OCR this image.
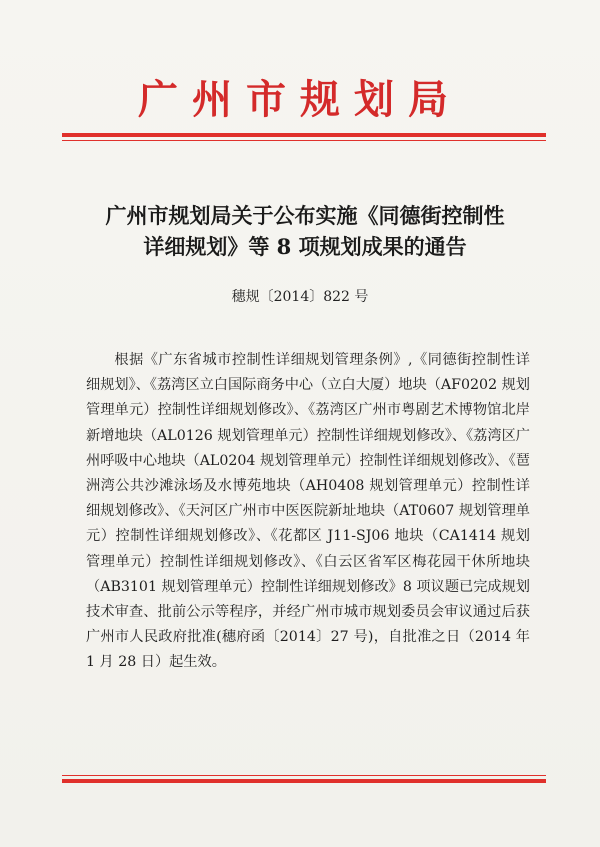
广州市规划局
广州市规划局关于公布实施《同德街控制性
详细规划》等 8 项规划成果的通告
穗规〔2014〕822 号

根据《广东省城市控制性详细规划管理条例》,《同德街控制性详细规划》、《荔湾区立白国际商务中心（立白大厦）地块（AF0202 规划管理单元）控制性详细规划修改》、《荔湾区广州市粤剧艺术博物馆北岸新增地块（AL0126 规划管理单元）控制性详细规划修改》、《荔湾区广州呼吸中心地块（AL0204 规划管理单元）控制性详细规划修改》、《琶洲湾公共沙滩泳场及水博苑地块（AH0408 规划管理单元）控制性详细规划修改》、《天河区广州市中医医院新址地块（AT0607 规划管理单元）控制性详细规划修改》、《花都区 J11-SJ06 地块（CA1414 规划管理单元）控制性详细规划修改》、《白云区省军区梅花园干休所地块（AB3101 规划管理单元）控制性详细规划修改》8 项议题已完成规划技术审查、批前公示等程序，并经广州市城市规划委员会审议通过后获广州市人民政府批准(穗府函〔2014〕27 号)，自批准之日（2014 年 1 月 28 日）起生效。
